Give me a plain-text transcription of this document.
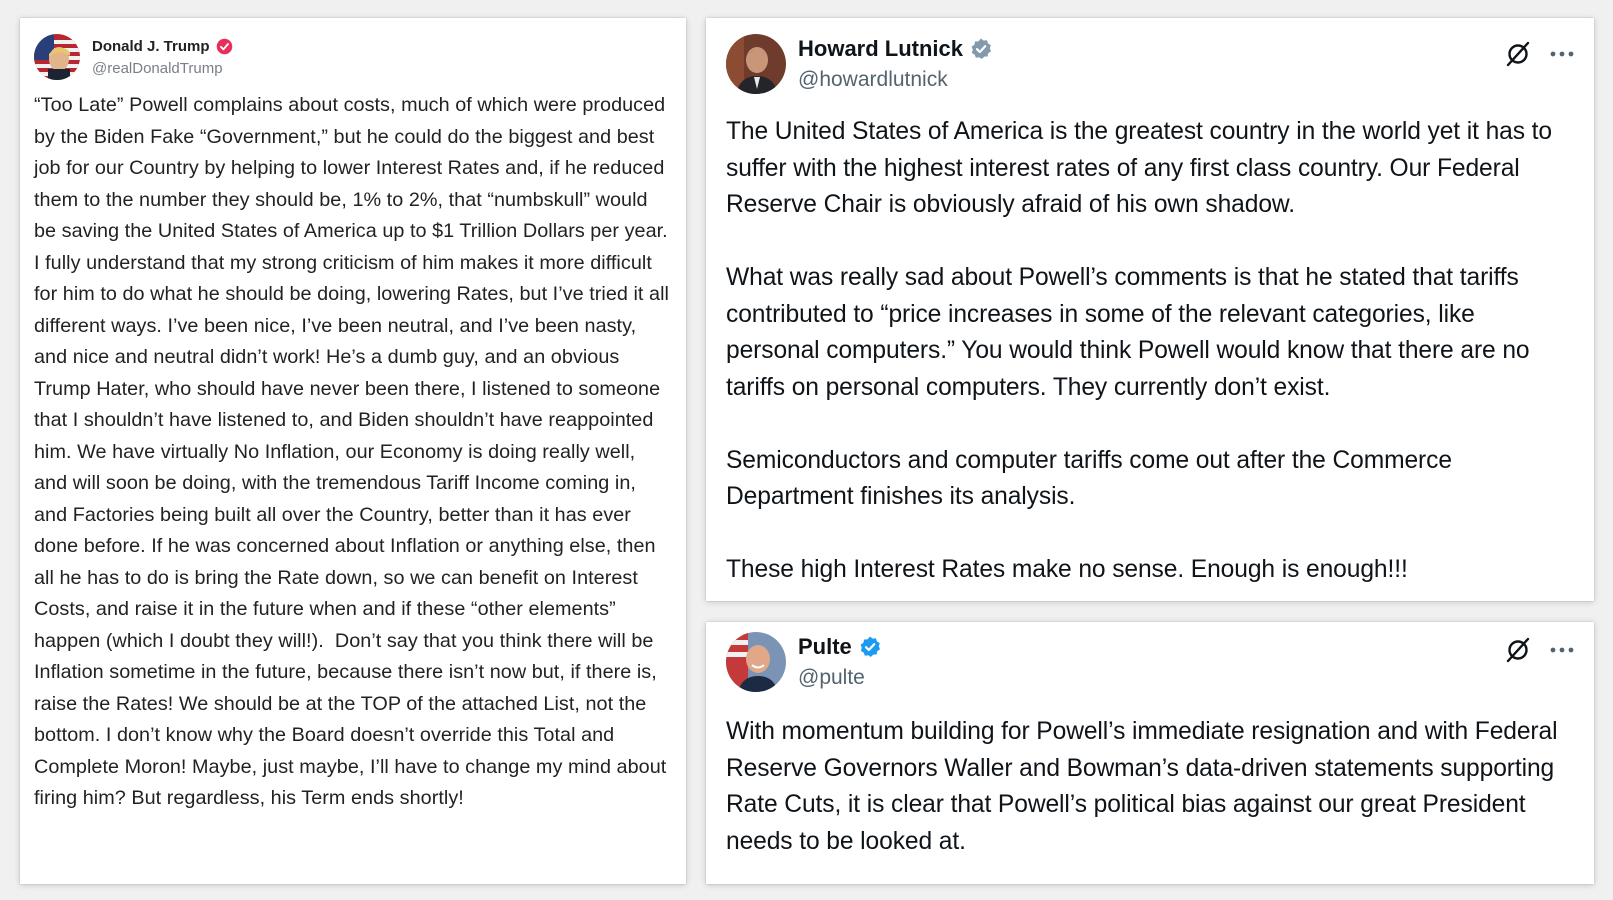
Donald J. Trump
@realDonaldTrump
“Too Late” Powell complains about costs, much of which were produced by the Biden Fake “Government,” but he could do the biggest and best job for our Country by helping to lower Interest Rates and, if he reduced them to the number they should be, 1% to 2%, that “numbskull” would be saving the United States of America up to $1 Trillion Dollars per year. I fully understand that my strong criticism of him makes it more difficult for him to do what he should be doing, lowering Rates, but I’ve tried it all different ways. I’ve been nice, I’ve been neutral, and I’ve been nasty, and nice and neutral didn’t work! He’s a dumb guy, and an obvious Trump Hater, who should have never been there, I listened to someone that I shouldn’t have listened to, and Biden shouldn’t have reappointed him. We have virtually No Inflation, our Economy is doing really well, and will soon be doing, with the tremendous Tariff Income coming in, and Factories being built all over the Country, better than it has ever done before. If he was concerned about Inflation or anything else, then all he has to do is bring the Rate down, so we can benefit on Interest Costs, and raise it in the future when and if these “other elements” happen (which I doubt they will!).  Don’t say that you think there will be Inflation sometime in the future, because there isn’t now but, if there is, raise the Rates! We should be at the TOP of the attached List, not the bottom. I don’t know why the Board doesn’t override this Total and Complete Moron! Maybe, just maybe, I’ll have to change my mind about firing him? But regardless, his Term ends shortly!
Howard Lutnick
@howardlutnick
The United States of America is the greatest country in the world yet it has to suffer with the highest interest rates of any first class country. Our Federal Reserve Chair is obviously afraid of his own shadow.

What was really sad about Powell’s comments is that he stated that tariffs contributed to “price increases in some of the relevant categories, like personal computers.” You would think Powell would know that there are no tariffs on personal computers. They currently don’t exist.

Semiconductors and computer tariffs come out after the Commerce Department finishes its analysis.

These high Interest Rates make no sense. Enough is enough!!!
Pulte
@pulte
With momentum building for Powell’s immediate resignation and with Federal Reserve Governors Waller and Bowman’s data-driven statements supporting Rate Cuts, it is clear that Powell’s political bias against our great President needs to be looked at.
